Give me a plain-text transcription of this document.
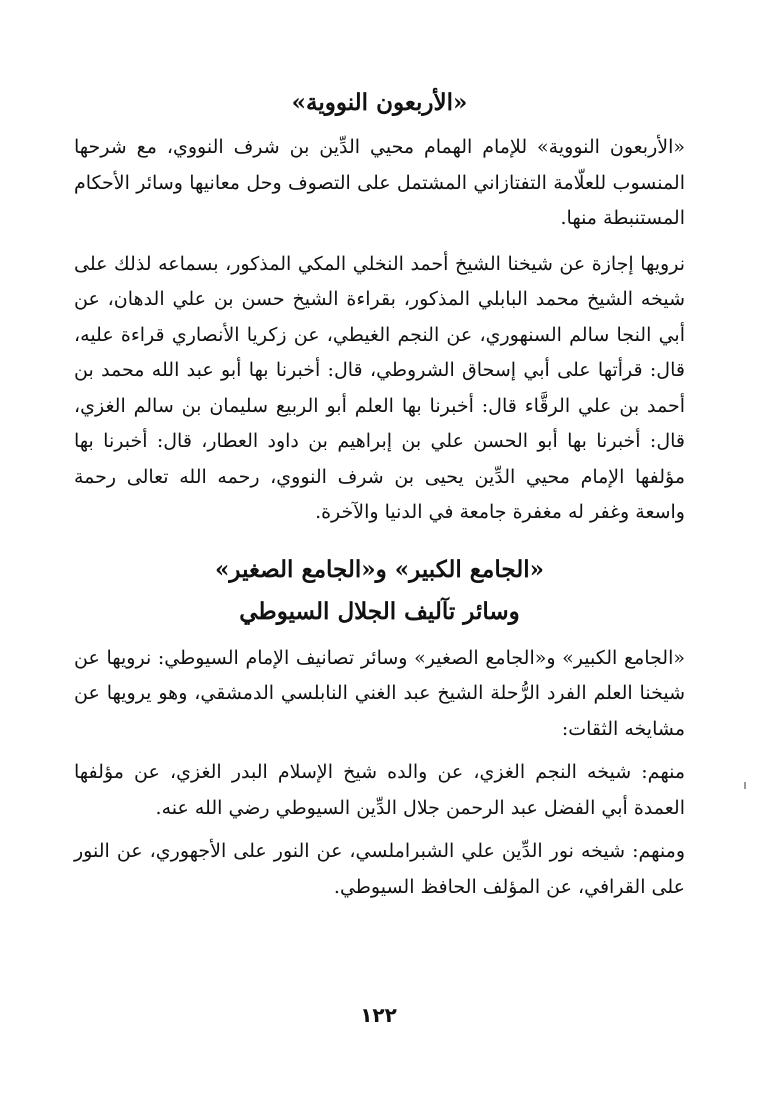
«الأربعون النووية»

«الأربعون النووية» للإمام الهمام محيي الدِّين بن شرف النووي، مع شرحها المنسوب للعلّامة التفتازاني المشتمل على التصوف وحل معانيها وسائر الأحكام المستنبطة منها.

نرويها إجازة عن شيخنا الشيخ أحمد النخلي المكي المذكور، بسماعه لذلك على شيخه الشيخ محمد البابلي المذكور، بقراءة الشيخ حسن بن علي الدهان، عن أبي النجا سالم السنهوري، عن النجم الغيطي، عن زكريا الأنصاري قراءة عليه، قال: قرأتها على أبي إسحاق الشروطي، قال: أخبرنا بها أبو عبد الله محمد بن أحمد بن علي الرقَّاء قال: أخبرنا بها العلم أبو الربيع سليمان بن سالم الغزي، قال: أخبرنا بها أبو الحسن علي بن إبراهيم بن داود العطار، قال: أخبرنا بها مؤلفها الإمام محيي الدِّين يحيى بن شرف النووي، رحمه الله تعالى رحمة واسعة وغفر له مغفرة جامعة في الدنيا والآخرة.

«الجامع الكبير» و«الجامع الصغير»
وسائر تآليف الجلال السيوطي

«الجامع الكبير» و«الجامع الصغير» وسائر تصانيف الإمام السيوطي: نرويها عن شيخنا العلم الفرد الرُّحلة الشيخ عبد الغني النابلسي الدمشقي، وهو يرويها عن مشايخه الثقات:

منهم: شيخه النجم الغزي، عن والده شيخ الإسلام البدر الغزي، عن مؤلفها العمدة أبي الفضل عبد الرحمن جلال الدِّين السيوطي رضي الله عنه.

ومنهم: شيخه نور الدِّين علي الشبراملسي، عن النور على الأجهوري، عن النور على القرافي، عن المؤلف الحافظ السيوطي.

١٢٢
